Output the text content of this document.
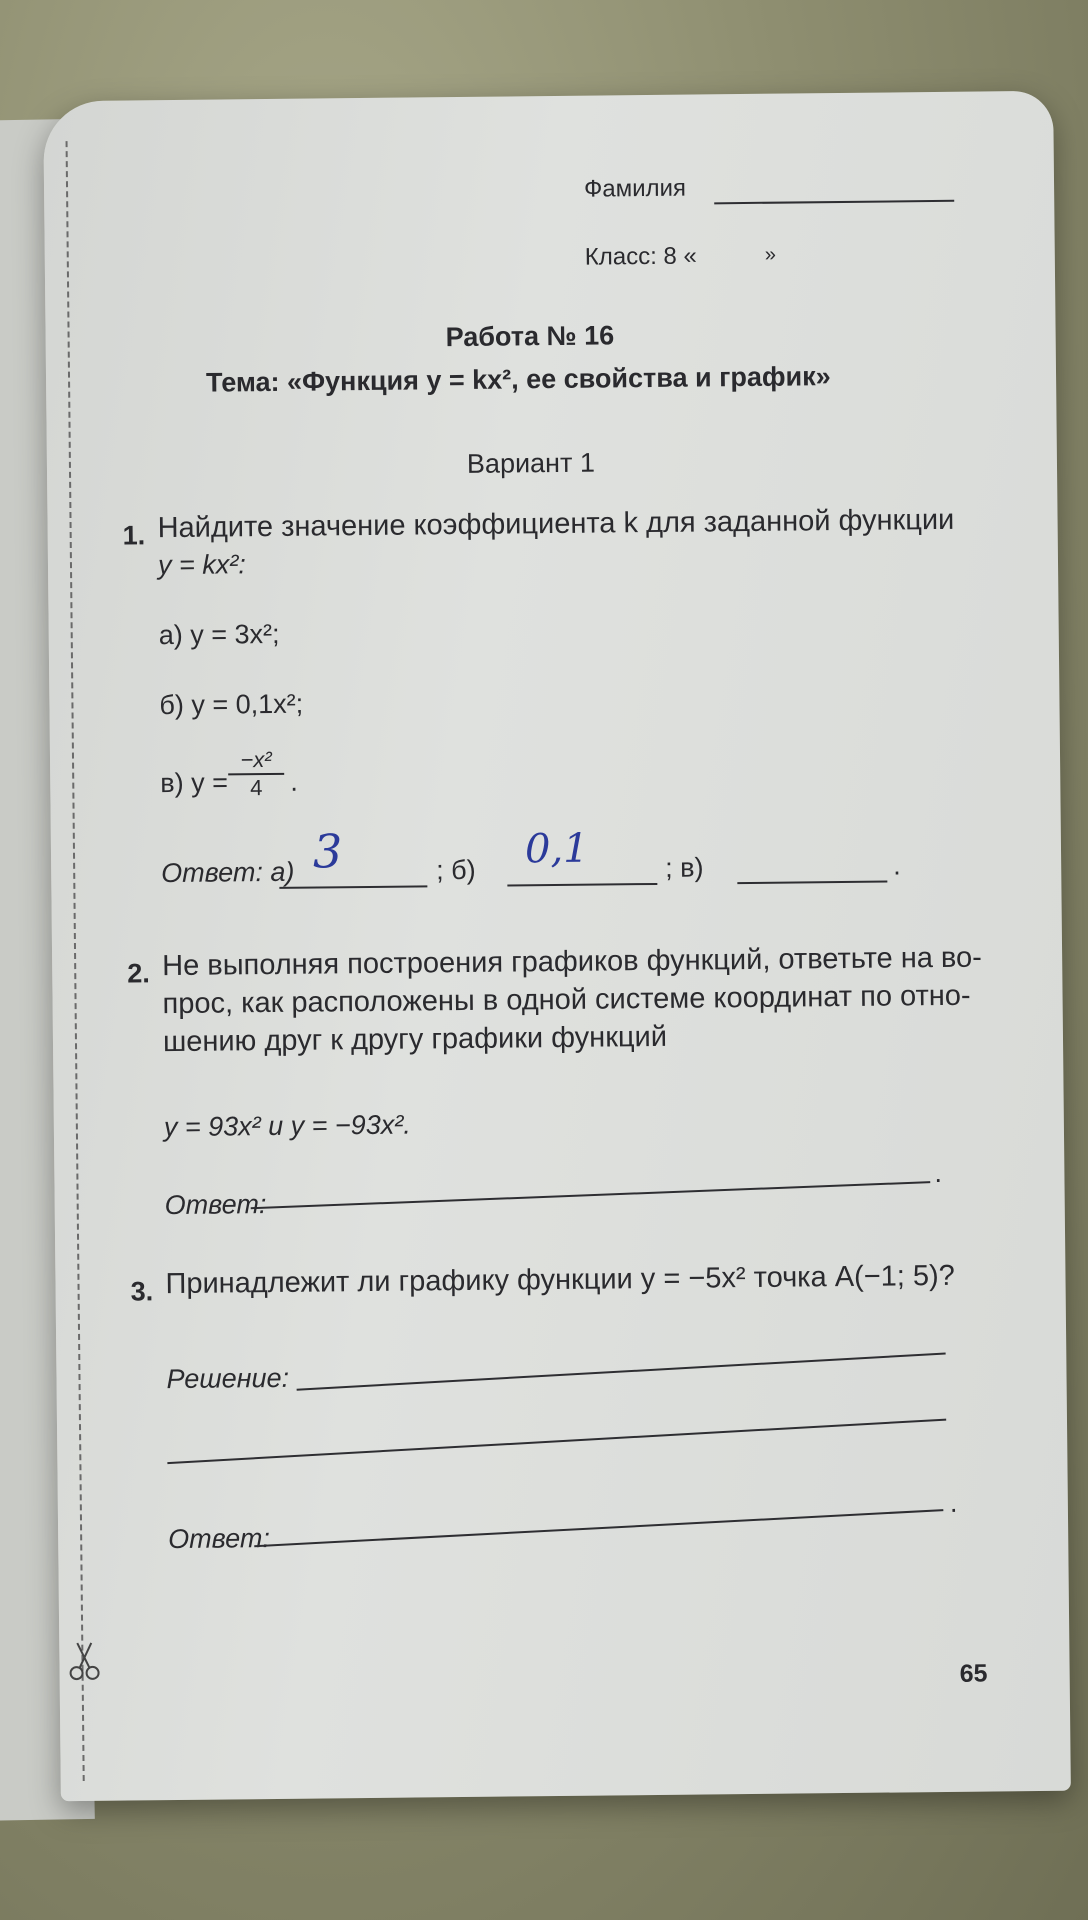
Фамилия
Класс: 8 «	»
Работа № 16
Тема: «Функция y = kx², ее свойства и график»
Вариант 1
1. Найдите значение коэффициента k для заданной функции
y = kx²:
а) y = 3x²;
б) y = 0,1x²;
в) $y = \frac{\text{−x²}}{4}$ .
Ответ: а) 3	; б) 0,1	; в)	.
2. Не выполняя построения графиков функций, ответьте на во-
прос, как расположены в одной системе координат по отно-
шению друг к другу графики функций
y = 93x² и y = −93x².
Ответ:
.
3. Принадлежит ли графику функции y = −5x² точка A(−1; 5)?
Решение:
Ответ:
.
65
